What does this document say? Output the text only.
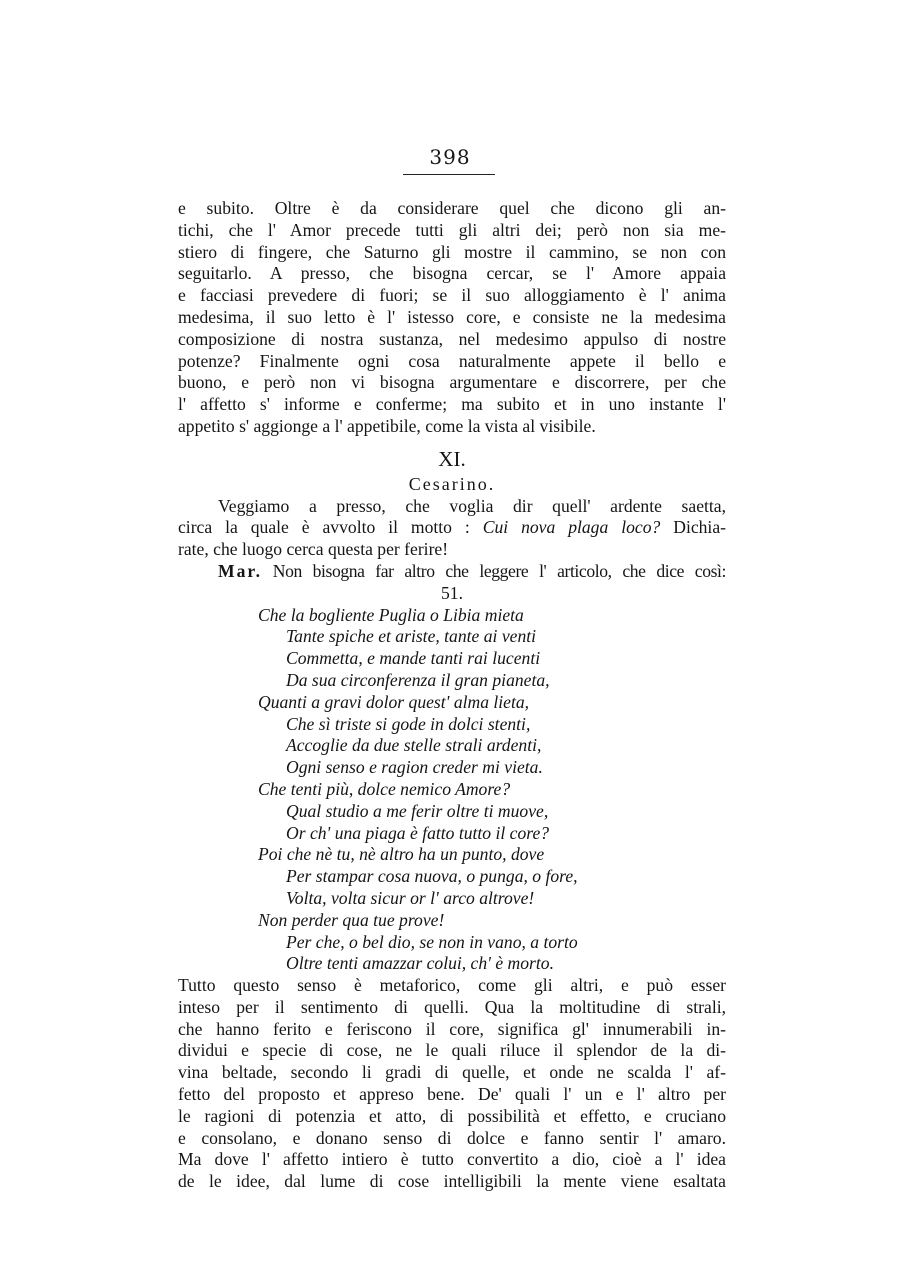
398
e subito. Oltre è da considerare quel che dicono gli an-
tichi, che l' Amor precede tutti gli altri dei; però non sia me-
stiero di fingere, che Saturno gli mostre il cammino, se non con
seguitarlo. A presso, che bisogna cercar, se l' Amore appaia
e facciasi prevedere di fuori; se il suo alloggiamento è l' anima
medesima, il suo letto è l' istesso core, e consiste ne la medesima
composizione di nostra sustanza, nel medesimo appulso di nostre
potenze? Finalmente ogni cosa naturalmente appete il bello e
buono, e però non vi bisogna argumentare e discorrere, per che
l' affetto s' informe e conferme; ma subito et in uno instante l'
appetito s' aggionge a l' appetibile, come la vista al visibile.
XI.
Cesarino.
Veggiamo a presso, che voglia dir quell' ardente saetta,
circa la quale è avvolto il motto : Cui nova plaga loco? Dichia-
rate, che luogo cerca questa per ferire!
Mar. Non bisogna far altro che leggere l' articolo, che dice così:
51.
Che la bogliente Puglia o Libia mieta
Tante spiche et ariste, tante ai venti
Commetta, e mande tanti rai lucenti
Da sua circonferenza il gran pianeta,
Quanti a gravi dolor quest' alma lieta,
Che sì triste si gode in dolci stenti,
Accoglie da due stelle strali ardenti,
Ogni senso e ragion creder mi vieta.
Che tenti più, dolce nemico Amore?
Qual studio a me ferir oltre ti muove,
Or ch' una piaga è fatto tutto il core?
Poi che nè tu, nè altro ha un punto, dove
Per stampar cosa nuova, o punga, o fore,
Volta, volta sicur or l' arco altrove!
Non perder qua tue prove!
Per che, o bel dio, se non in vano, a torto
Oltre tenti amazzar colui, ch' è morto.
Tutto questo senso è metaforico, come gli altri, e può esser
inteso per il sentimento di quelli. Qua la moltitudine di strali,
che hanno ferito e feriscono il core, significa gl' innumerabili in-
dividui e specie di cose, ne le quali riluce il splendor de la di-
vina beltade, secondo li gradi di quelle, et onde ne scalda l' af-
fetto del proposto et appreso bene. De' quali l' un e l' altro per
le ragioni di potenzia et atto, di possibilità et effetto, e cruciano
e consolano, e donano senso di dolce e fanno sentir l' amaro.
Ma dove l' affetto intiero è tutto convertito a dio, cioè a l' idea
de le idee, dal lume di cose intelligibili la mente viene esaltata
